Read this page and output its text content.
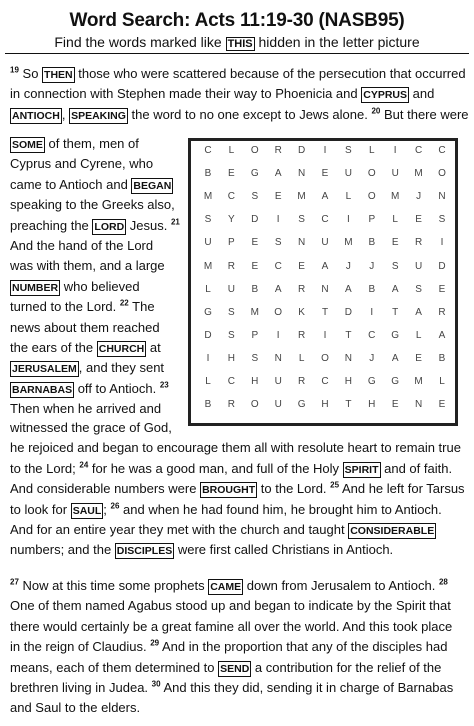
Word Search: Acts 11:19-30 (NASB95)
Find the words marked like THIS hidden in the letter picture
$^{19}$ So THEN those who were scattered because of the persecution that occurred
in connection with Stephen made their way to Phoenicia and CYPRUS and
ANTIOCH , SPEAKING the word to no one except to Jews alone. $^{20}$ But there were
SOME of them, men of
Cyprus and Cyrene, who
came to Antioch and BEGAN
speaking to the Greeks also,
preaching the LORD Jesus. $^{21}$
And the hand of the Lord
was with them, and a large
NUMBER who believed
turned to the Lord. $^{22}$ The
news about them reached
the ears of the CHURCH at
JERUSALEM , and they sent
BARNABAS off to Antioch. $^{23}$
Then when he arrived and
C	L	O	R	D	I	S	L	I	C	C
B	E	G	A	N	E	U	O	U	M	O
M	C	S	E	M	A	L	O	M	J	N
S	Y	D	I	S	C	I	P	L	E	S
U	P	E	S	N	U	M	B	E	R	I
M	R	E	C	E	A	J	J	S	U	D
L	U	B	A	R	N	A	B	A	S	E
G	S	M	O	K	T	D	I	T	A	R
D	S	P	I	R	I	T	C	G	L	A
I	H	S	N	L	O	N	J	A	E	B
L	C	H	U	R	C	H	G	G	M	L
B	R	O	U	G	H	T	H	E	N	E
witnessed the grace of God,
he rejoiced and began to encourage them all with resolute heart to remain true
to the Lord; $^{24}$ for he was a good man, and full of the Holy SPIRIT and of faith.
And considerable numbers were BROUGHT to the Lord. $^{25}$ And he left for Tarsus
to look for SAUL ; $^{26}$ and when he had found him, he brought him to Antioch.
And for an entire year they met with the church and taught CONSIDERABLE
numbers; and the DISCIPLES were first called Christians in Antioch.
$^{27}$ Now at this time some prophets CAME down from Jerusalem to Antioch. $^{28}$
One of them named Agabus stood up and began to indicate by the Spirit that
there would certainly be a great famine all over the world. And this took place
in the reign of Claudius. $^{29}$ And in the proportion that any of the disciples had
means, each of them determined to SEND a contribution for the relief of the
brethren living in Judea. $^{30}$ And this they did, sending it in charge of Barnabas
and Saul to the elders.
